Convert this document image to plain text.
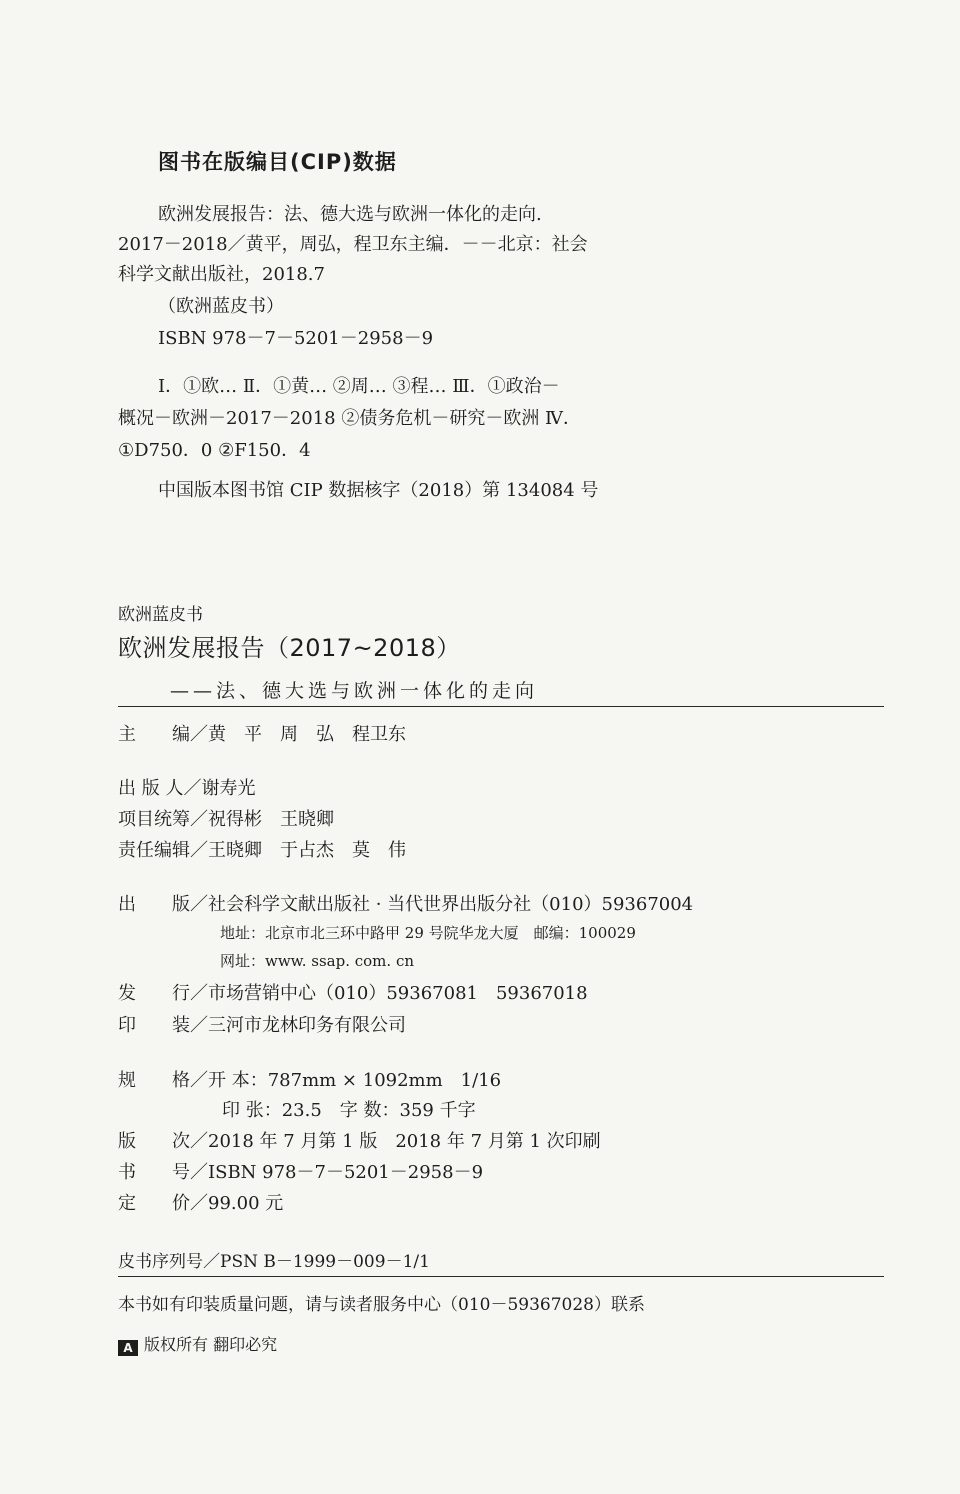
图书在版编目(CIP)数据
欧洲发展报告：法、德大选与欧洲一体化的走向.
2017－2018／黄平，周弘，程卫东主编．－－北京：社会
科学文献出版社，2018.7
（欧洲蓝皮书）
ISBN 978－7－5201－2958－9
Ⅰ．①欧… Ⅱ．①黄… ②周… ③程… Ⅲ．①政治－
概况－欧洲－2017－2018 ②债务危机－研究－欧洲 Ⅳ．
①D750．0 ②F150．4
中国版本图书馆 CIP 数据核字（2018）第 134084 号
欧洲蓝皮书
欧洲发展报告（2017~2018）
——法、德大选与欧洲一体化的走向
主　　编／黄　平　周　弘　程卫东
出 版 人／谢寿光
项目统筹／祝得彬　王晓卿
责任编辑／王晓卿　于占杰　莫　伟
出　　版／社会科学文献出版社 · 当代世界出版分社（010）59367004
地址：北京市北三环中路甲 29 号院华龙大厦　邮编：100029
网址：www. ssap. com. cn
发　　行／市场营销中心（010）59367081　59367018
印　　装／三河市龙林印务有限公司
规　　格／开 本：787mm × 1092mm　1/16
印 张：23.5　字 数：359 千字
版　　次／2018 年 7 月第 1 版　2018 年 7 月第 1 次印刷
书　　号／ISBN 978－7－5201－2958－9
定　　价／99.00 元
皮书序列号／PSN B－1999－009－1/1
本书如有印装质量问题，请与读者服务中心（010－59367028）联系
A 版权所有 翻印必究
